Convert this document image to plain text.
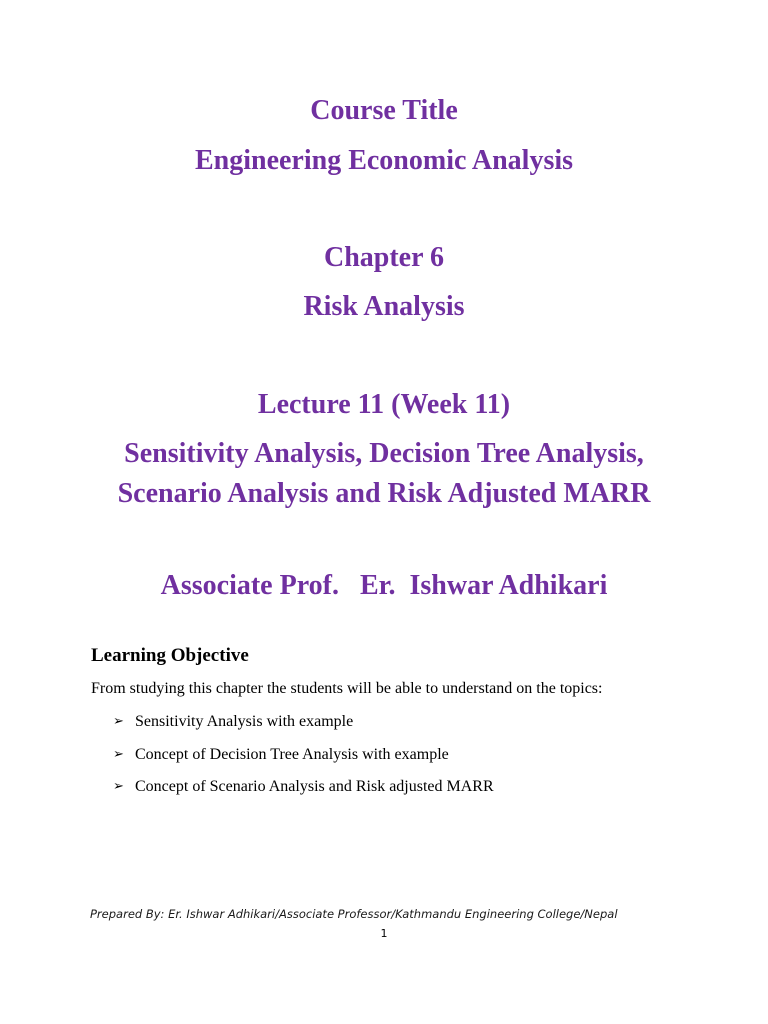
Course Title
Engineering Economic Analysis
Chapter 6
Risk Analysis
Lecture 11 (Week 11)
Sensitivity Analysis, Decision Tree Analysis,
Scenario Analysis and Risk Adjusted MARR
Associate Prof.   Er.  Ishwar Adhikari
Learning Objective
From studying this chapter the students will be able to understand on the topics:
➢ Sensitivity Analysis with example
➢ Concept of Decision Tree Analysis with example
➢ Concept of Scenario Analysis and Risk adjusted MARR
Prepared By: Er. Ishwar Adhikari/Associate Professor/Kathmandu Engineering College/Nepal
1
